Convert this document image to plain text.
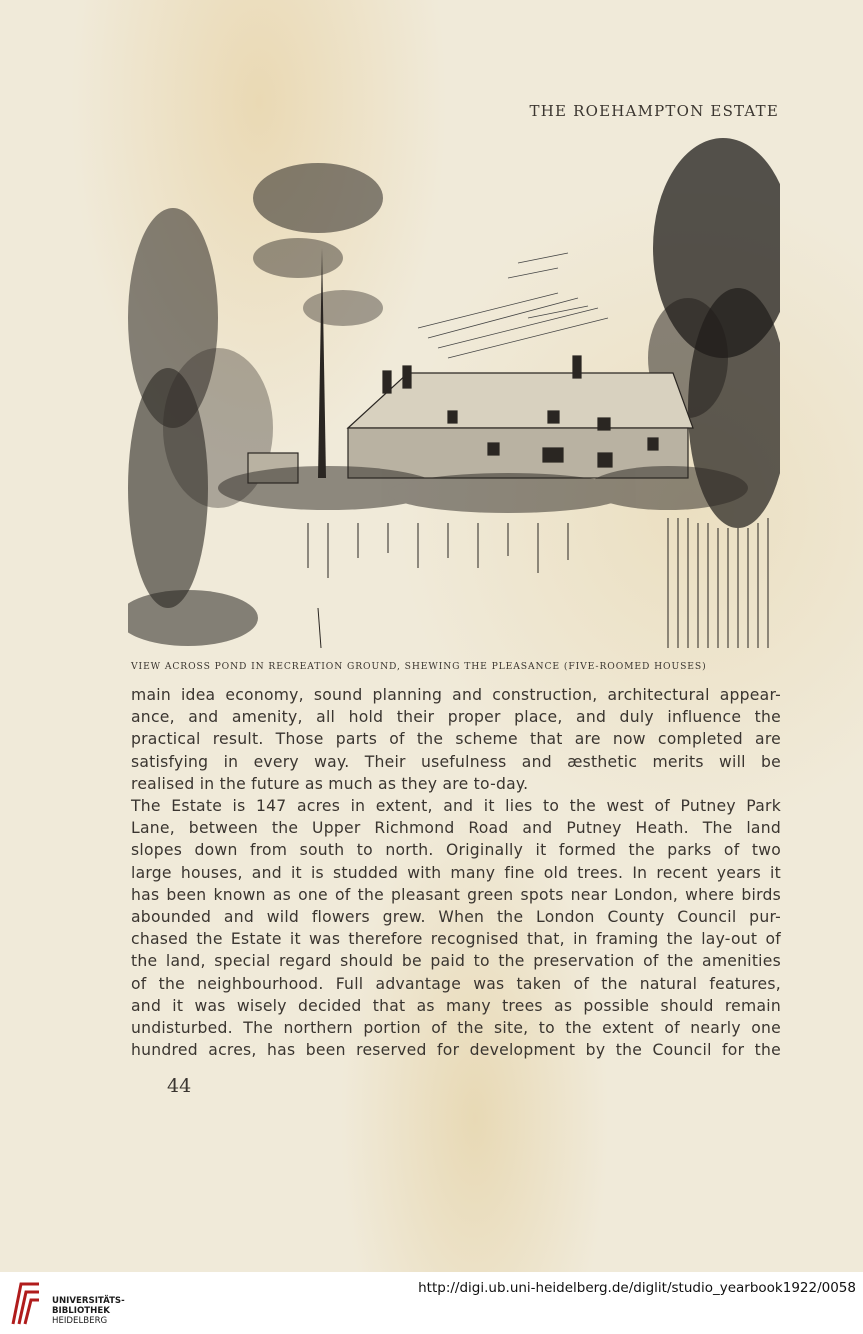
THE ROEHAMPTON ESTATE
VIEW ACROSS POND IN RECREATION GROUND, SHEWING THE PLEASANCE (FIVE-ROOMED HOUSES)

main idea economy, sound planning and construction, architectural appear-

ance, and amenity, all hold their proper place, and duly influence the

practical result. Those parts of the scheme that are now completed are

satisfying in every way. Their usefulness and æsthetic merits will be

realised in the future as much as they are to-day.

The Estate is 147 acres in extent, and it lies to the west of Putney Park

Lane, between the Upper Richmond Road and Putney Heath. The land

slopes down from south to north. Originally it formed the parks of two

large houses, and it is studded with many fine old trees. In recent years it

has been known as one of the pleasant green spots near London, where birds

abounded and wild flowers grew. When the London County Council pur-

chased the Estate it was therefore recognised that, in framing the lay-out of

the land, special regard should be paid to the preservation of the amenities

of the neighbourhood. Full advantage was taken of the natural features,

and it was wisely decided that as many trees as possible should remain

undisturbed. The northern portion of the site, to the extent of nearly one

hundred acres, has been reserved for development by the Council for the

44
UNIVERSITÄTS-
BIBLIOTHEK
HEIDELBERG
http://digi.ub.uni-heidelberg.de/diglit/studio_yearbook1922/0058
